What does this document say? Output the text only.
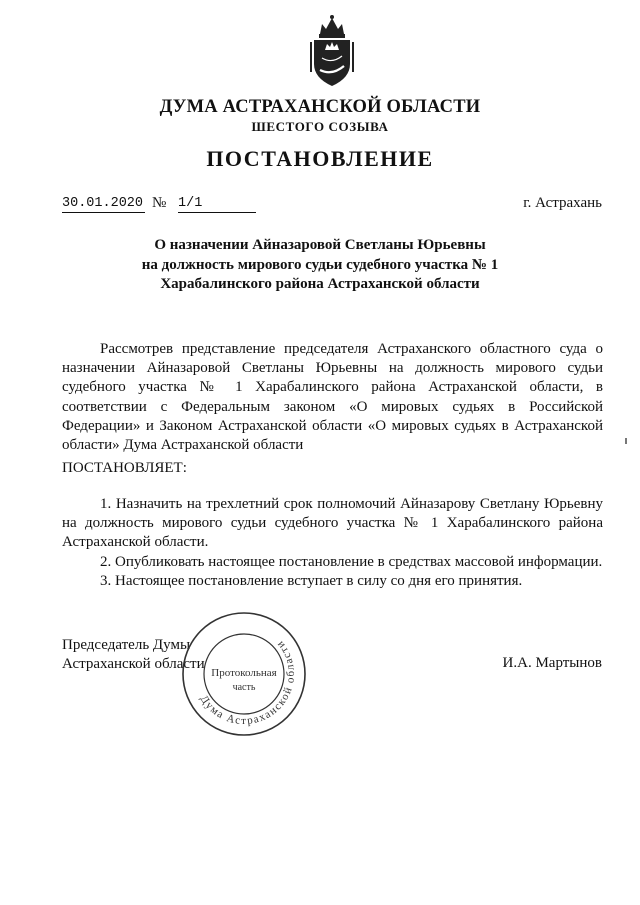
ДУМА АСТРАХАНСКОЙ ОБЛАСТИ
ШЕСТОГО СОЗЫВА
ПОСТАНОВЛЕНИЕ
30.01.2020 № 1/1	г. Астрахань
О назначении Айназаровой Светланы Юрьевны
на должность мирового судьи судебного участка № 1
Харабалинского района Астраханской области

Рассмотрев представление председателя Астраханского областного суда о назначении Айназаровой Светланы Юрьевны на должность мирового судьи судебного участка № 1 Харабалинского района Астраханской области, в соответствии с Федеральным законом «О мировых судьях в Российской Федерации» и Законом Астраханской области «О мировых судьях в Астраханской области» Дума Астраханской области

ПОСТАНОВЛЯЕТ:

1. Назначить на трехлетний срок полномочий Айназарову Светлану Юрьевну на должность мирового судьи судебного участка № 1 Харабалинского района Астраханской области.

2. Опубликовать настоящее постановление в средствах массовой информации.

3. Настоящее постановление вступает в силу со дня его принятия.

Председатель Думы
Астраханской области	И.А. Мартынов
Дума Астраханской области
Протокольная
часть
